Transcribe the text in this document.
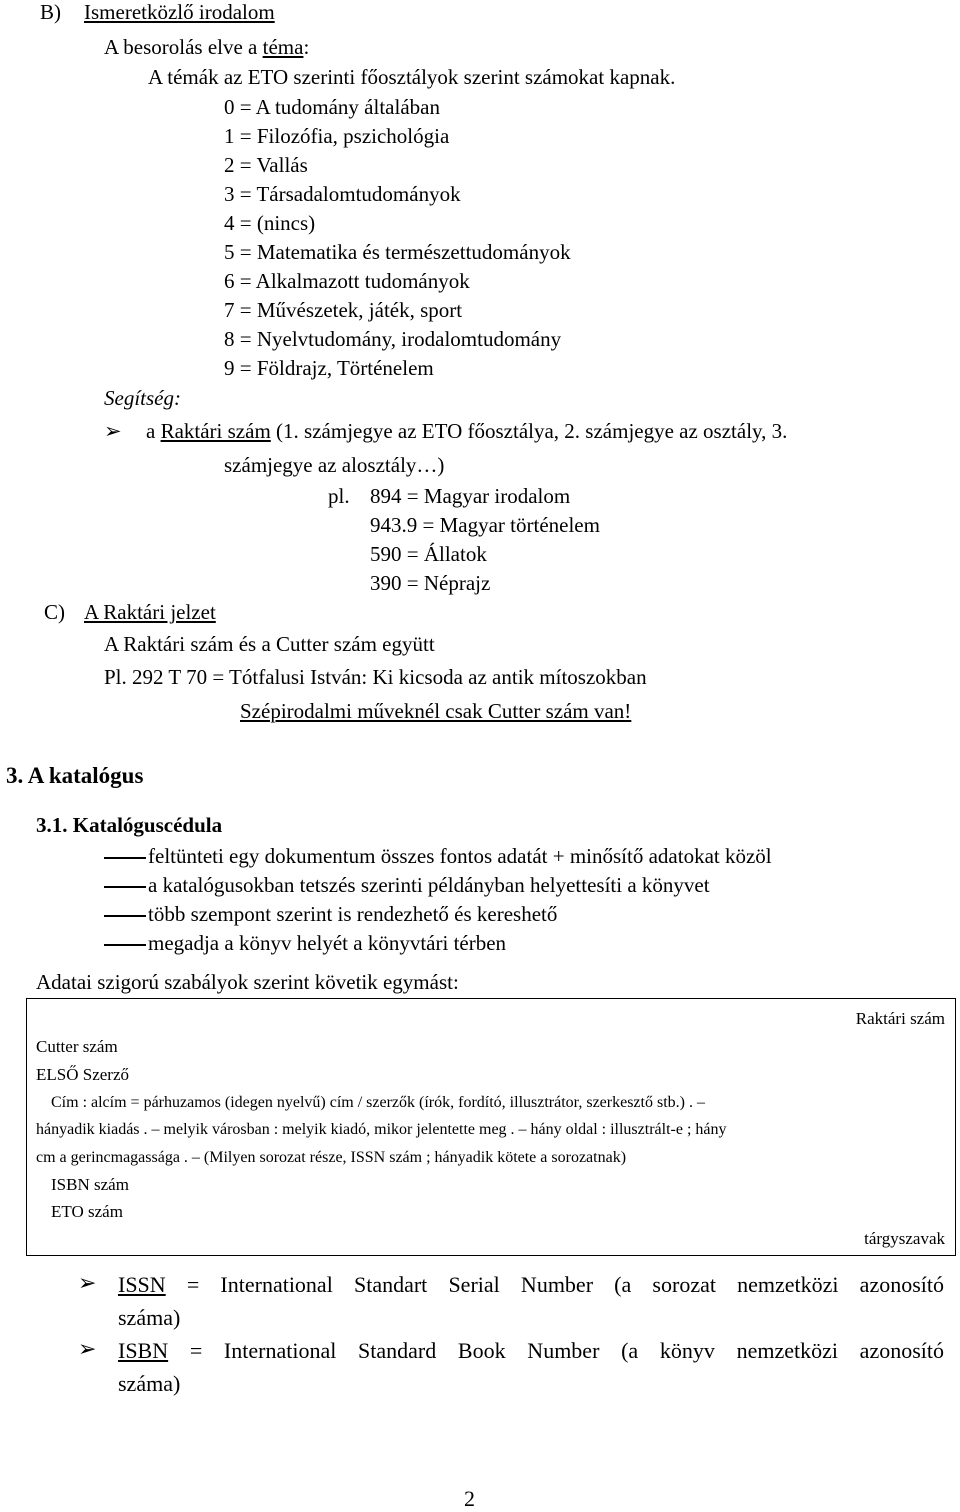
B) Ismeretközlő irodalom
A besorolás elve a téma:
A témák az ETO szerinti főosztályok szerint számokat kapnak.
0 = A tudomány általában
1 = Filozófia, pszichológia
2 = Vallás
3 = Társadalomtudományok
4 = (nincs)
5 = Matematika és természettudományok
6 = Alkalmazott tudományok
7 = Művészetek, játék, sport
8 = Nyelvtudomány, irodalomtudomány
9 = Földrajz, Történelem
Segítség:
➢ a Raktári szám (1. számjegye az ETO főosztálya, 2. számjegye az osztály, 3.
számjegye az alosztály…)
pl. 894 = Magyar irodalom
943.9 = Magyar történelem
590 = Állatok
390 = Néprajz
C) A Raktári jelzet
A Raktári szám és a Cutter szám együtt
Pl. 292 T 70 = Tótfalusi István: Ki kicsoda az antik mítoszokban
Szépirodalmi műveknél csak Cutter szám van!
3. A katalógus
3.1. Katalóguscédula
feltünteti egy dokumentum összes fontos adatát + minősítő adatokat közöl
a katalógusokban tetszés szerinti példányban helyettesíti a könyvet
több szempont szerint is rendezhető és kereshető
megadja a könyv helyét a könyvtári térben
Adatai szigorú szabályok szerint követik egymást:
Raktári szám
Cutter szám
ELSŐ Szerző
Cím : alcím = párhuzamos (idegen nyelvű) cím / szerzők (írók, fordító, illusztrátor, szerkesztő stb.) . –
hányadik kiadás . – melyik városban : melyik kiadó, mikor jelentette meg . – hány oldal : illusztrált-e ; hány
cm a gerincmagassága . – (Milyen sorozat része, ISSN szám ; hányadik kötete a sorozatnak)
ISBN szám
ETO szám
tárgyszavak
➢ ISSN = International Standart Serial Number (a sorozat nemzetközi azonosító
száma)
➢ ISBN = International Standard Book Number (a könyv nemzetközi azonosító
száma)
2
